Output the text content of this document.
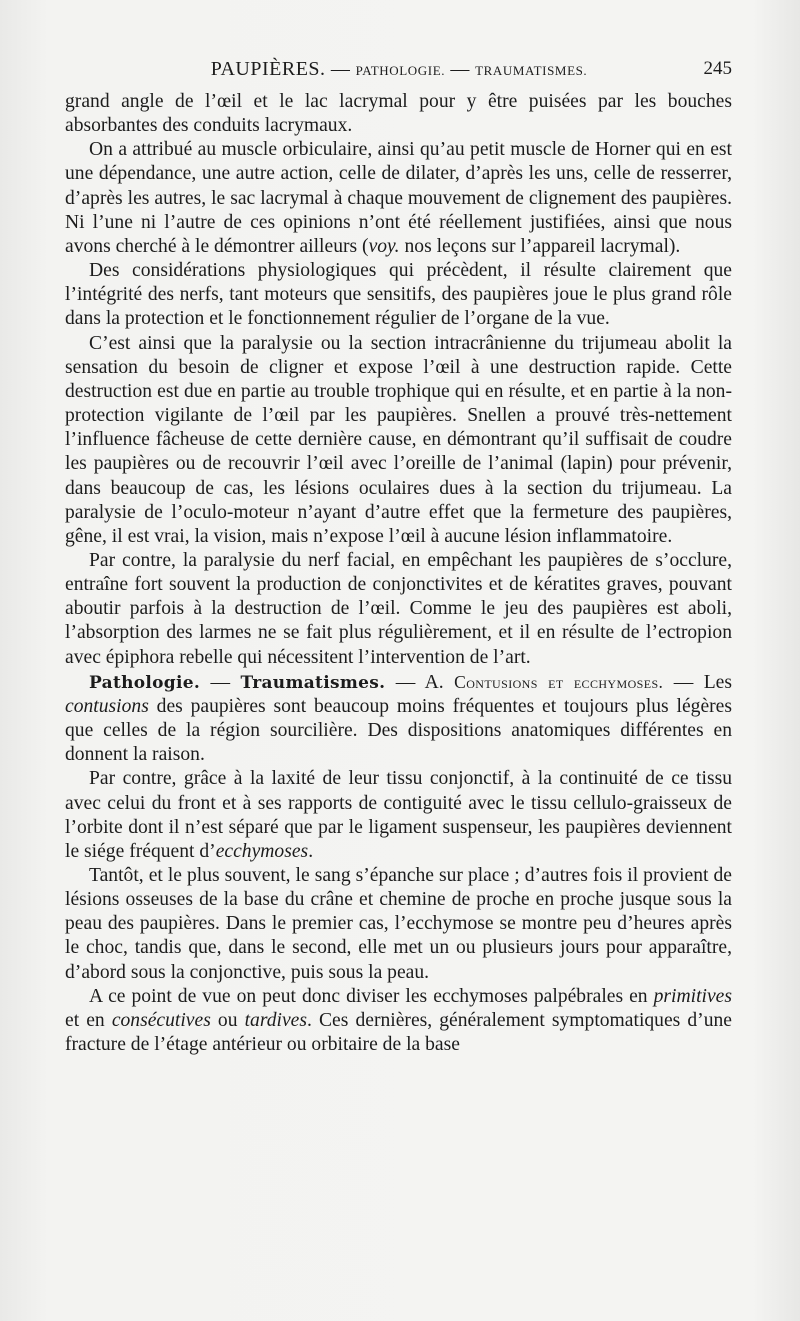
PAUPIÈRES. — PATHOLOGIE. — TRAUMATISMES.	245

grand angle de l’œil et le lac lacrymal pour y être puisées par les bouches absorbantes des conduits lacrymaux.

On a attribué au muscle orbiculaire, ainsi qu’au petit muscle de Horner qui en est une dépendance, une autre action, celle de dilater, d’après les uns, celle de resserrer, d’après les autres, le sac lacrymal à chaque mouvement de clignement des paupières. Ni l’une ni l’autre de ces opinions n’ont été réellement justifiées, ainsi que nous avons cherché à le démontrer ailleurs (voy. nos leçons sur l’appareil lacrymal).

Des considérations physiologiques qui précèdent, il résulte clairement que l’intégrité des nerfs, tant moteurs que sensitifs, des paupières joue le plus grand rôle dans la protection et le fonctionnement régulier de l’organe de la vue.

C’est ainsi que la paralysie ou la section intracrânienne du trijumeau abolit la sensation du besoin de cligner et expose l’œil à une destruction rapide. Cette destruction est due en partie au trouble trophique qui en résulte, et en partie à la non-protection vigilante de l’œil par les paupières. Snellen a prouvé très-nettement l’influence fâcheuse de cette dernière cause, en démontrant qu’il suffisait de coudre les paupières ou de recouvrir l’œil avec l’oreille de l’animal (lapin) pour prévenir, dans beaucoup de cas, les lésions oculaires dues à la section du trijumeau. La paralysie de l’oculo-moteur n’ayant d’autre effet que la fermeture des paupières, gêne, il est vrai, la vision, mais n’expose l’œil à aucune lésion inflammatoire.

Par contre, la paralysie du nerf facial, en empêchant les paupières de s’occlure, entraîne fort souvent la production de conjonctivites et de kératites graves, pouvant aboutir parfois à la destruction de l’œil. Comme le jeu des paupières est aboli, l’absorption des larmes ne se fait plus régulièrement, et il en résulte de l’ectropion avec épiphora rebelle qui nécessitent l’intervention de l’art.

Pathologie. — Traumatismes. — A. Contusions et ecchymoses. — Les contusions des paupières sont beaucoup moins fréquentes et toujours plus légères que celles de la région sourcilière. Des dispositions anatomiques différentes en donnent la raison.

Par contre, grâce à la laxité de leur tissu conjonctif, à la continuité de ce tissu avec celui du front et à ses rapports de contiguité avec le tissu cellulo-graisseux de l’orbite dont il n’est séparé que par le ligament suspenseur, les paupières deviennent le siége fréquent d’ecchymoses.

Tantôt, et le plus souvent, le sang s’épanche sur place ; d’autres fois il provient de lésions osseuses de la base du crâne et chemine de proche en proche jusque sous la peau des paupières. Dans le premier cas, l’ecchymose se montre peu d’heures après le choc, tandis que, dans le second, elle met un ou plusieurs jours pour apparaître, d’abord sous la conjonctive, puis sous la peau.

A ce point de vue on peut donc diviser les ecchymoses palpébrales en primitives et en consécutives ou tardives. Ces dernières, généralement symptomatiques d’une fracture de l’étage antérieur ou orbitaire de la base
